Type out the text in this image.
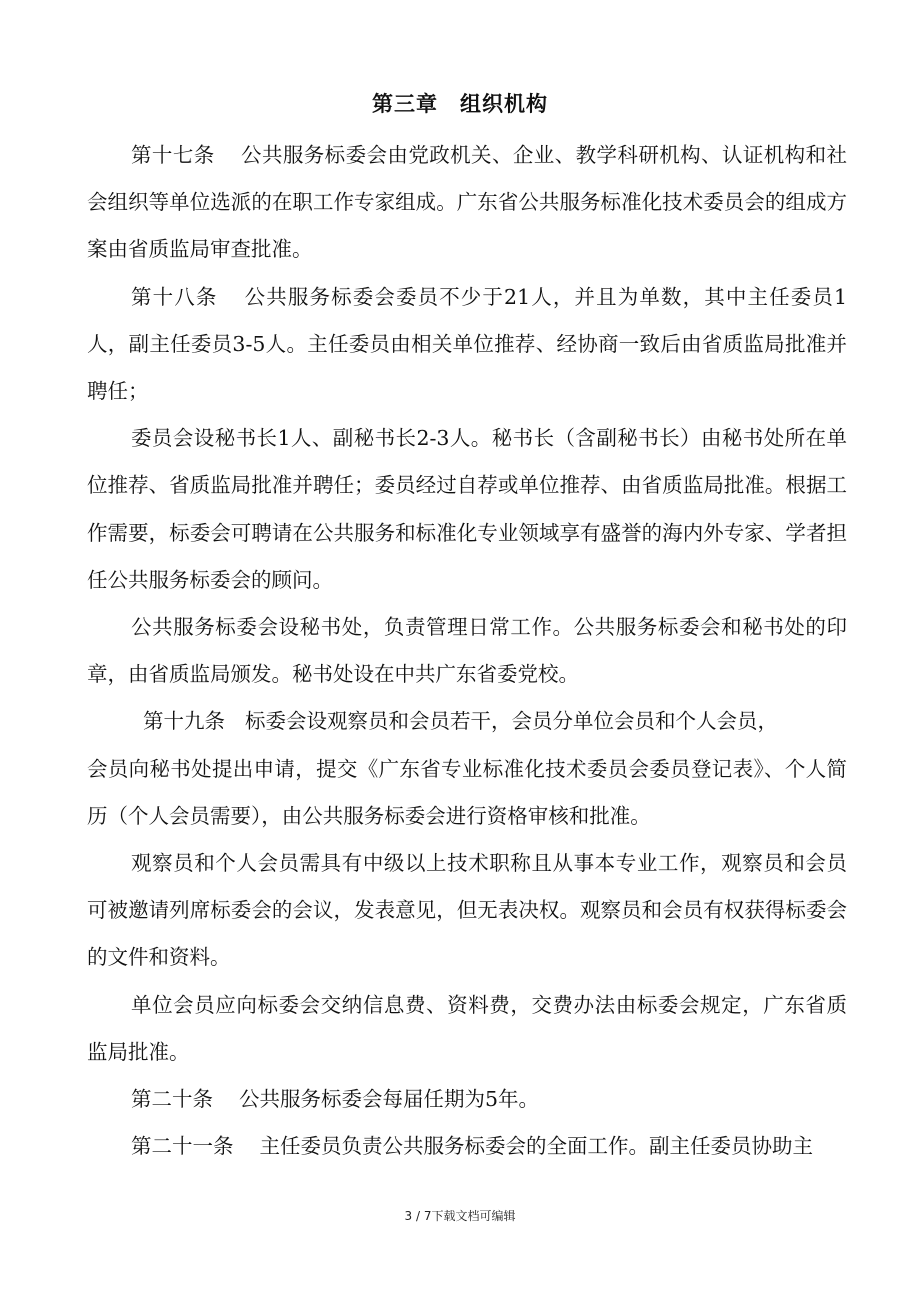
第三章　组织机构

第十七条 公共服务标委会由党政机关、企业、教学科研机构、认证机构和社会组织等单位选派的在职工作专家组成。广东省公共服务标准化技术委员会的组成方案由省质监局审查批准。

第十八条 公共服务标委会委员不少于21人，并且为单数，其中主任委员1人，副主任委员3-5人。主任委员由相关单位推荐、经协商一致后由省质监局批准并聘任；

委员会设秘书长1人、副秘书长2-3人。秘书长（含副秘书长）由秘书处所在单位推荐、省质监局批准并聘任；委员经过自荐或单位推荐、由省质监局批准。根据工作需要，标委会可聘请在公共服务和标准化专业领域享有盛誉的海内外专家、学者担任公共服务标委会的顾问。

公共服务标委会设秘书处，负责管理日常工作。公共服务标委会和秘书处的印章，由省质监局颁发。秘书处设在中共广东省委党校。

第十九条 标委会设观察员和会员若干，会员分单位会员和个人会员，

会员向秘书处提出申请，提交《广东省专业标准化技术委员会委员登记表》、个人简历（个人会员需要），由公共服务标委会进行资格审核和批准。

观察员和个人会员需具有中级以上技术职称且从事本专业工作，观察员和会员可被邀请列席标委会的会议，发表意见，但无表决权。观察员和会员有权获得标委会的文件和资料。

单位会员应向标委会交纳信息费、资料费，交费办法由标委会规定，广东省质监局批准。

第二十条 公共服务标委会每届任期为5年。

第二十一条 主任委员负责公共服务标委会的全面工作。副主任委员协助主

3 / 7下载文档可编辑
